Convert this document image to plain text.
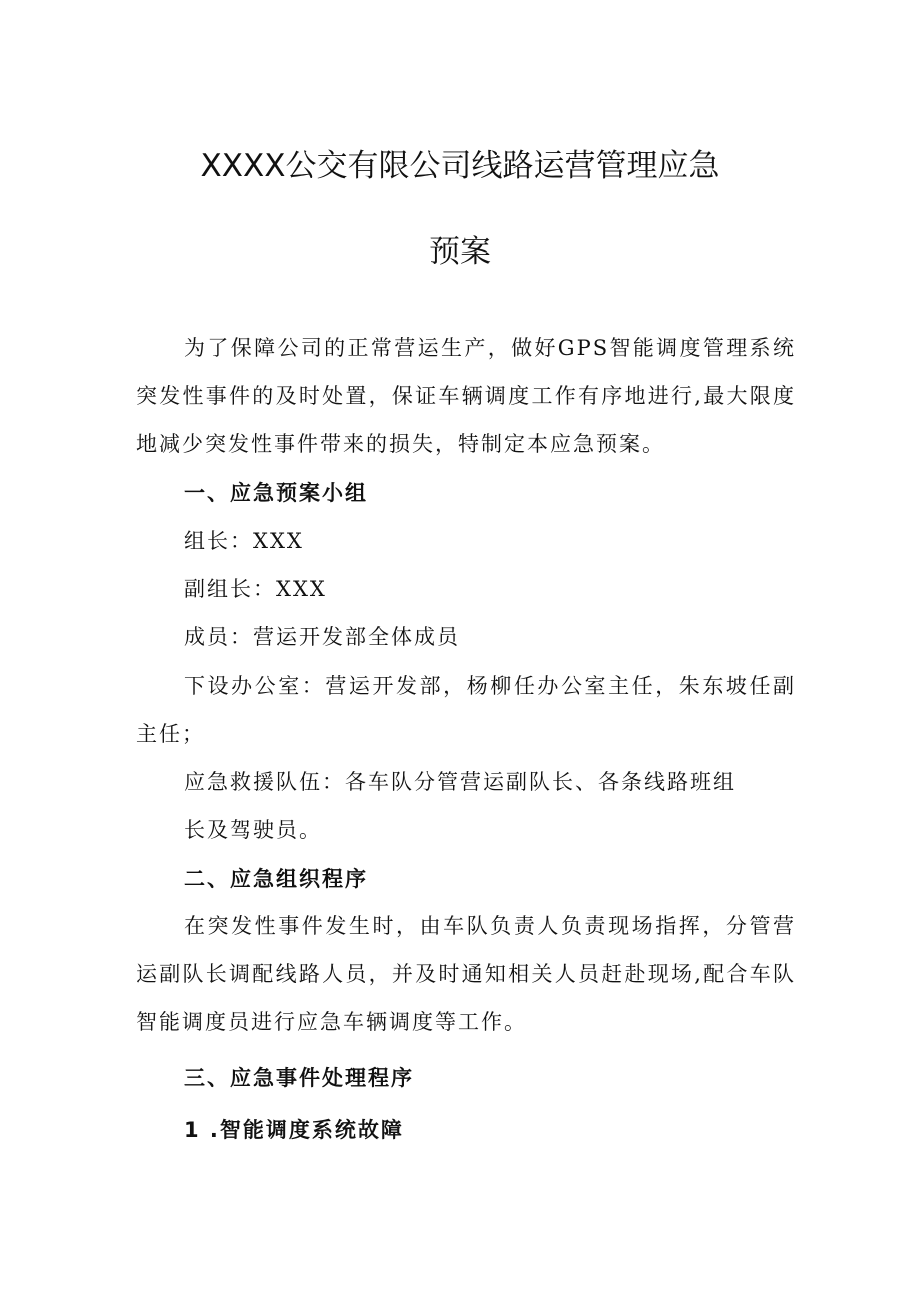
XXXX公交有限公司线路运营管理应急
预案

为了保障公司的正常营运生产，做好GPS智能调度管理系统突发性事件的及时处置，保证车辆调度工作有序地进行,最大限度地减少突发性事件带来的损失，特制定本应急预案。

一、应急预案小组

组长：XXX

副组长：XXX

成员：营运开发部全体成员

下设办公室：营运开发部，杨柳任办公室主任，朱东坡任副主任；

应急救援队伍：各车队分管营运副队长、各条线路班组

长及驾驶员。

二、应急组织程序

在突发性事件发生时，由车队负责人负责现场指挥，分管营运副队长调配线路人员，并及时通知相关人员赶赴现场,配合车队智能调度员进行应急车辆调度等工作。

三、应急事件处理程序

1 .智能调度系统故障
